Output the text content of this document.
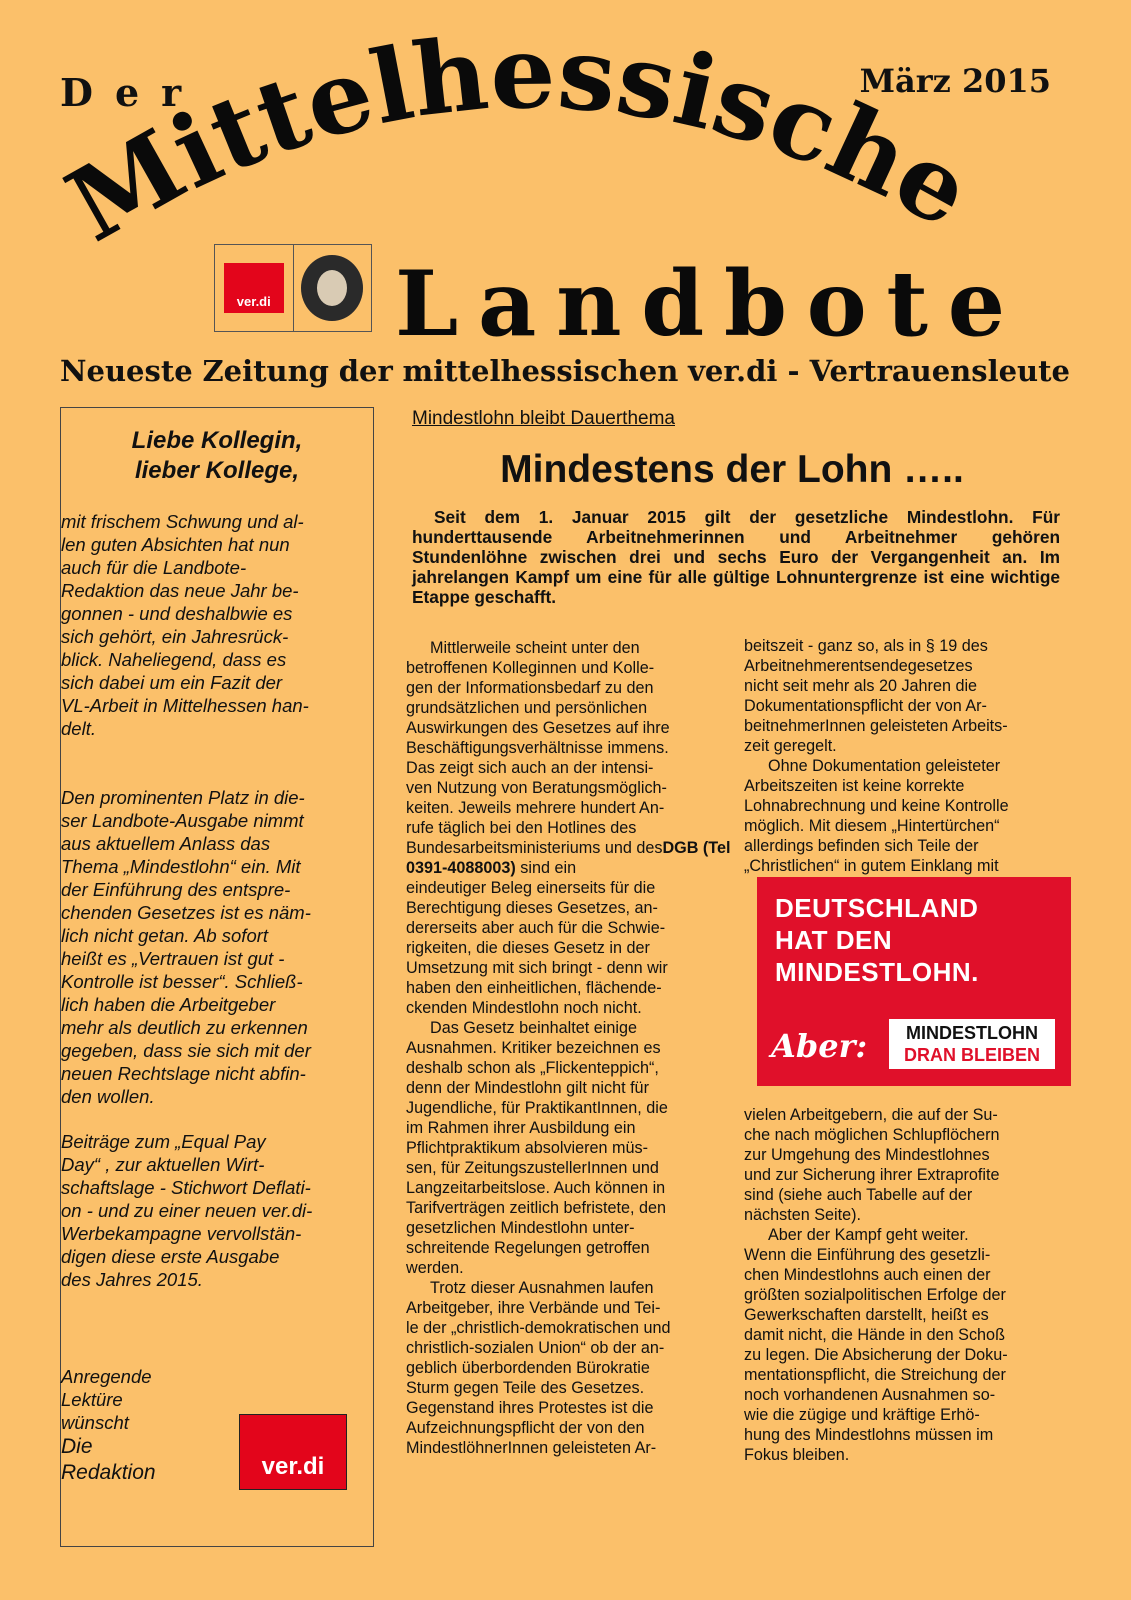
Der	März 2015
Mittelhessische
Landbote
ver.di
Neueste Zeitung der mittelhessischen ver.di - Vertrauensleute
Liebe Kollegin,
lieber Kollege,
mit frischem Schwung und al-
len guten Absichten hat nun
auch für die Landbote-
Redaktion das neue Jahr be-
gonnen - und deshalbwie es
sich gehört, ein Jahresrück-
blick. Naheliegend, dass es
sich dabei um ein Fazit der
VL-Arbeit in Mittelhessen han-
delt.
Den prominenten Platz in die-
ser Landbote-Ausgabe nimmt
aus aktuellem Anlass das
Thema „Mindestlohn“ ein. Mit
der Einführung des entspre-
chenden Gesetzes ist es näm-
lich nicht getan. Ab sofort
heißt es „Vertrauen ist gut -
Kontrolle ist besser“. Schließ-
lich haben die Arbeitgeber
mehr als deutlich zu erkennen
gegeben, dass sie sich mit der
neuen Rechtslage nicht abfin-
den wollen.
Beiträge zum „Equal Pay
Day“ , zur aktuellen Wirt-
schaftslage - Stichwort Deflati-
on - und zu einer neuen ver.di-
Werbekampagne vervollstän-
digen diese erste Ausgabe
des Jahres 2015.
Anregende
Lektüre
wünscht
Die
Redaktion	ver.di
Mindestlohn bleibt Dauerthema
Mindestens der Lohn …..

Seit dem 1. Januar 2015 gilt der gesetzliche Mindestlohn. Für hunderttausende Arbeitnehmerinnen und Arbeitnehmer gehören Stundenlöhne zwischen drei und sechs Euro der Vergangenheit an. Im jahrelangen Kampf um eine für alle gültige Lohnuntergrenze ist eine wichtige Etappe geschafft.

Mittlerweile scheint unter den
betroffenen Kolleginnen und Kolle-
gen der Informationsbedarf zu den
grundsätzlichen und persönlichen
Auswirkungen des Gesetzes auf ihre
Beschäftigungsverhältnisse immens.
Das zeigt sich auch an der intensi-
ven Nutzung von Beratungsmöglich-
keiten. Jeweils mehrere hundert An-
rufe täglich bei den Hotlines des
Bundesarbeitsministeriums und desDGB (Tel 0391-4088003) sind ein
eindeutiger Beleg einerseits für die
Berechtigung dieses Gesetzes, an-
dererseits aber auch für die Schwie-
rigkeiten, die dieses Gesetz in der
Umsetzung mit sich bringt - denn wir
haben den einheitlichen, flächende-
ckenden Mindestlohn noch nicht.

Das Gesetz beinhaltet einige
Ausnahmen. Kritiker bezeichnen es
deshalb schon als „Flickenteppich“,
denn der Mindestlohn gilt nicht für
Jugendliche, für PraktikantInnen, die
im Rahmen ihrer Ausbildung ein
Pflichtpraktikum absolvieren müs-
sen, für ZeitungszustellerInnen und
Langzeitarbeitslose. Auch können in
Tarifverträgen zeitlich befristete, den
gesetzlichen Mindestlohn unter-
schreitende Regelungen getroffen
werden.

Trotz dieser Ausnahmen laufen
Arbeitgeber, ihre Verbände und Tei-
le der „christlich-demokratischen und
christlich-sozialen Union“ ob der an-
geblich überbordenden Bürokratie
Sturm gegen Teile des Gesetzes.
Gegenstand ihres Protestes ist die
Aufzeichnungspflicht der von den
MindestlöhnerInnen geleisteten Ar-

beitszeit - ganz so, als in § 19 des
Arbeitnehmerentsendegesetzes
nicht seit mehr als 20 Jahren die
Dokumentationspflicht der von Ar-
beitnehmerInnen geleisteten Arbeits-
zeit geregelt.

Ohne Dokumentation geleisteter
Arbeitszeiten ist keine korrekte
Lohnabrechnung und keine Kontrolle
möglich. Mit diesem „Hintertürchen“
allerdings befinden sich Teile der
„Christlichen“ in gutem Einklang mit

DEUTSCHLAND
HAT DEN
MINDESTLOHN.
Aber:	MINDESTLOHN
DRAN BLEIBEN

vielen Arbeitgebern, die auf der Su-
che nach möglichen Schlupflöchern
zur Umgehung des Mindestlohnes
und zur Sicherung ihrer Extraprofite
sind (siehe auch Tabelle auf der
nächsten Seite).

Aber der Kampf geht weiter.
Wenn die Einführung des gesetzli-
chen Mindestlohns auch einen der
größten sozialpolitischen Erfolge der
Gewerkschaften darstellt, heißt es
damit nicht, die Hände in den Schoß
zu legen. Die Absicherung der Doku-
mentationspflicht, die Streichung der
noch vorhandenen Ausnahmen so-
wie die zügige und kräftige Erhö-
hung des Mindestlohns müssen im
Fokus bleiben.
